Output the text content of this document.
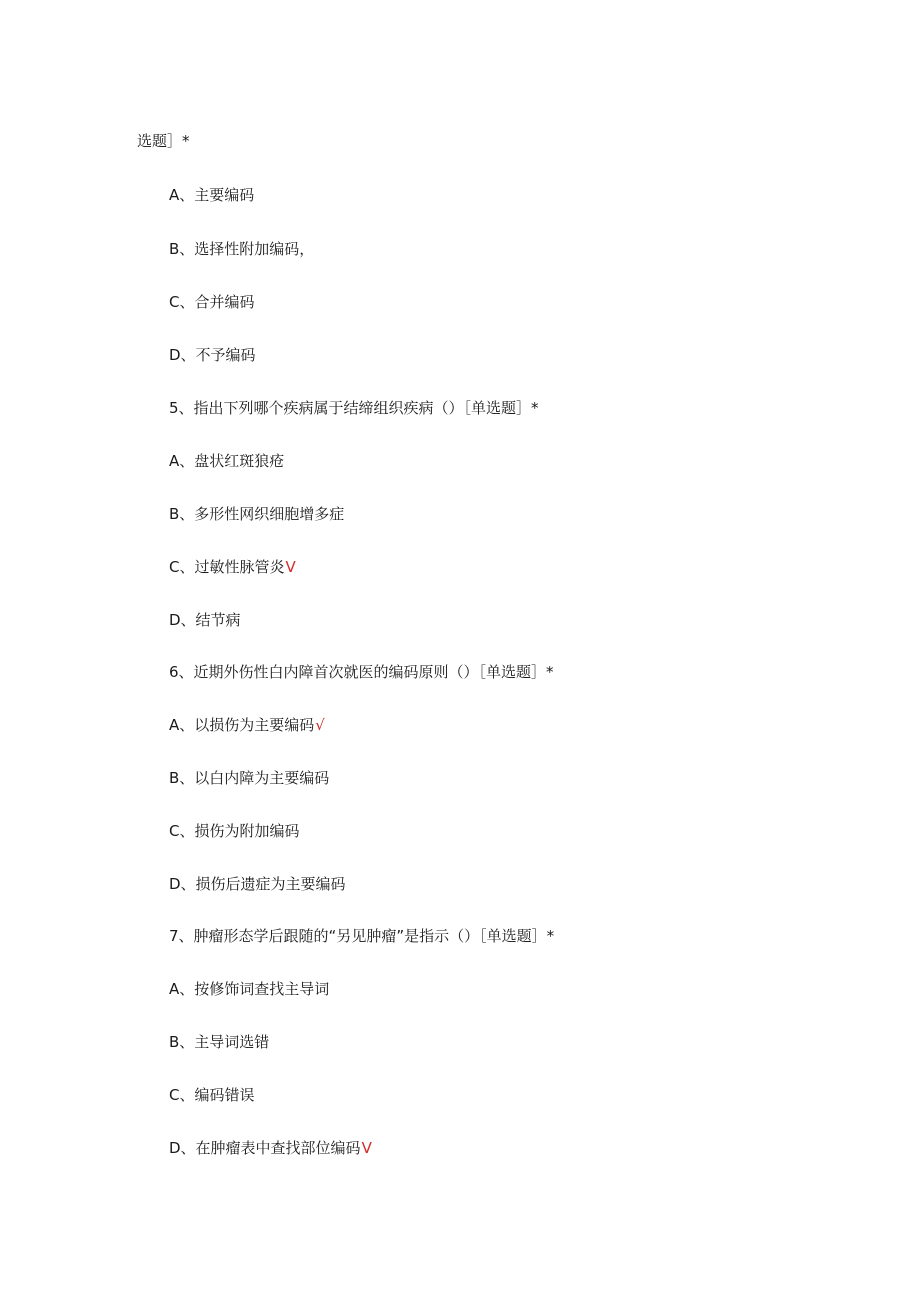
选题］*
A、主要编码
B、选择性附加编码，
C、合并编码
D、不予编码
5、指出下列哪个疾病属于结缔组织疾病（）［单选题］*
A、盘状红斑狼疮
B、多形性网织细胞增多症
C、过敏性脉管炎V
D、结节病
6、近期外伤性白内障首次就医的编码原则（）［单选题］*
A、以损伤为主要编码√
B、以白内障为主要编码
C、损伤为附加编码
D、损伤后遗症为主要编码
7、肿瘤形态学后跟随的“另见肿瘤”是指示（）［单选题］*
A、按修饰词查找主导词
B、主导词选错
C、编码错误
D、在肿瘤表中查找部位编码V
